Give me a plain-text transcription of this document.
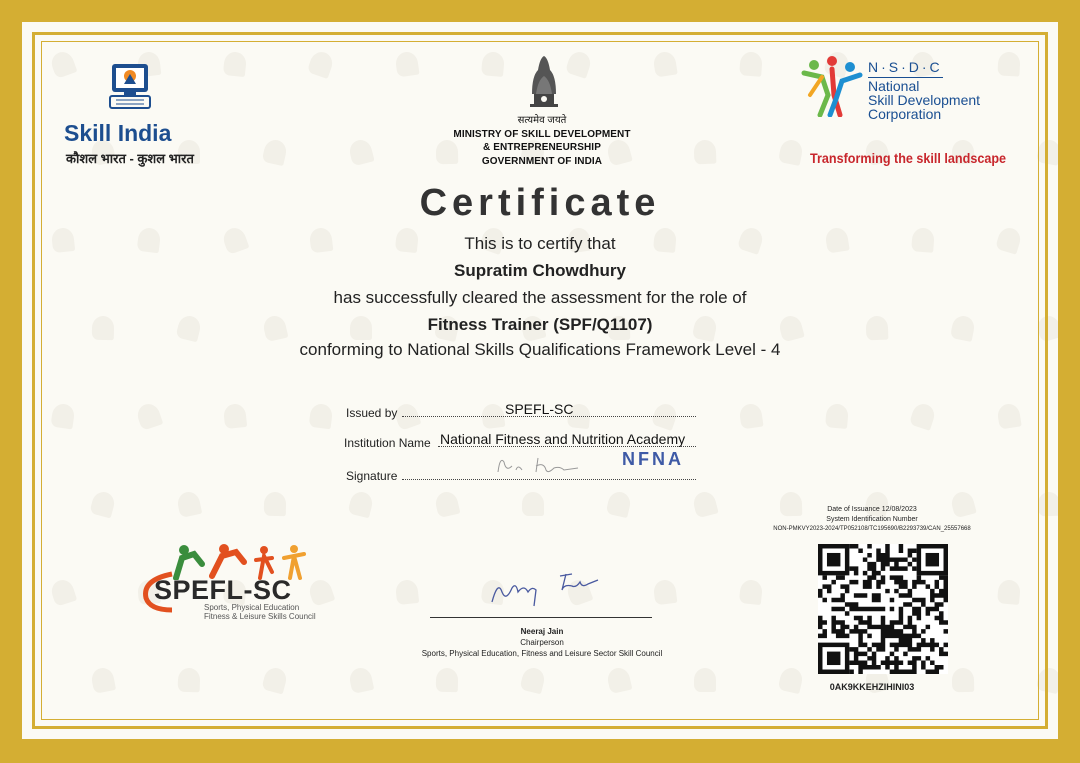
Skill India
कौशल भारत - कुशल भारत
सत्यमेव जयते
MINISTRY OF SKILL DEVELOPMENT
& ENTREPRENEURSHIP
GOVERNMENT OF INDIA
N·S·D·C
National
Skill Development
Corporation
Transforming the skill landscape
Certificate
This is to certify that
Supratim Chowdhury
has successfully cleared the assessment for the role of
Fitness Trainer (SPF/Q1107)
conforming to National Skills Qualifications Framework Level - 4
Issued by	SPEFL-SC
Institution Name National Fitness and Nutrition Academy
Signature
NFNA
SPEFL-SC
Sports, Physical Education
Fitness & Leisure Skills Council
Neeraj Jain
Chairperson
Sports, Physical Education, Fitness and Leisure Sector Skill Council
Date of Issuance 12/08/2023
System Identification Number
NON-PMKVY2023-2024/TP052108/TC195690/B2293739/CAN_25557668
0AK9KKEHZIHINI03
